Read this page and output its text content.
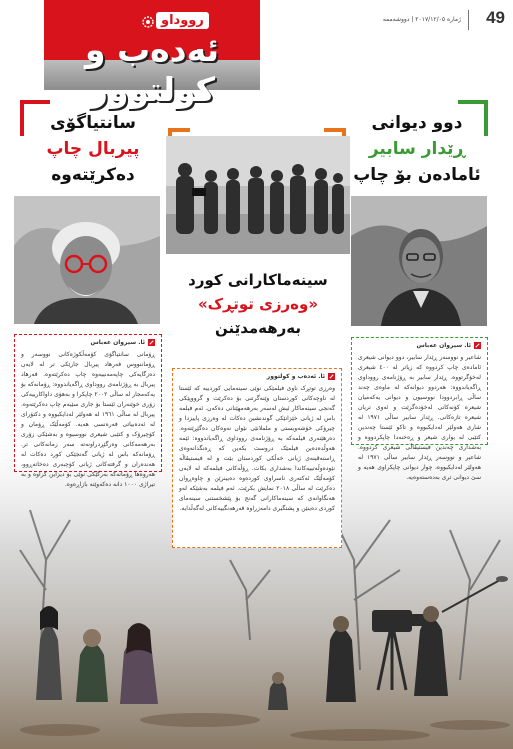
49
ژمارە ٢٠١٧/١٢/٠٥ | دووشەممە
رووداو
ئەدەب و کولتوور
دوو دیوانی
ڕێدار سابیر
ئامادەن بۆ چاپ
ئا. سیروان عەباس
شاعیر و نووسەر ڕێدار سابیر، دوو دیوانی شیعری ئامادەی چاپ کردووە کە زیاتر لە ٤٠٠ شیعری لەخۆگرتووە. ڕێدار سابیر بە ڕۆژنامەی رووداوی ڕاگەیاندووە: هەردوو دیوانەکە لە ماوەی چەند ساڵی ڕابردوودا نووسیون و دیوانی یەکەمیان شیعرە کۆنەکانی لەخۆدەگرێت و ئەوی تریان شیعرە تازەکانی. ڕێدار سابیر ساڵی ١٩٧١ لە شاری هەولێر لەدایکبووە و تاکو ئێستا چەندین کتێبی لە بواری شیعر و ڕەخنەدا چاپکردووە و بەشداری چەندین فیستیڤاڵی شیعری کردووە. شاعیر و نووسەر ڕێدار سابیر ساڵی ١٩٧١ لە هەولێر لەدایکبووە، چوار دیوانی چاپکراوی هەیە و سێ دیوانی تری بەدەستەوەیە.
سانتیاگۆی
پیربال چاپ
دەکرێتەوە
ئا. سیروان عەباس
ڕۆمانی سانتیاگۆی کۆمەڵکوژەکانی نووسەر و ڕۆماننووس فەرهاد پیربال جارێکی تر لە لایەن دەزگایەکی چاپەمەنییەوە چاپ دەکرێتەوە. فەرهاد پیربال بە ڕۆژنامەی رووداوی ڕاگەیاندووە: ڕۆمانەکە بۆ یەکەمجار لە ساڵی ٢٠٠٢ چاپکرا و بەهۆی داواکارییەکی زۆری خوێنەران ئێستا بۆ جاری سێیەم چاپ دەکرێتەوە. پیربال لە ساڵی ١٩٦١ لە هەولێر لەدایکبووە و دکتۆرای لە ئەدەبیاتی فەرەنسی هەیە. کۆمەڵێک ڕۆمان و کۆچیرۆک و کتێبی شیعری نووسیوە و بەشێکی زۆری بەرهەمەکانی وەرگێڕدراونەتە سەر زمانەکانی تر. ڕۆمانەکە باس لە ژیانی گەنجێکی کورد دەکات لە هەندەران و گرفتەکانی ژیانی کۆچبەری دەخاتەڕوو، هەروەها ڕۆمانەکە بەرگێکی نوێی بۆ دیزاین کراوە و بە تیراژی ١٠٠٠ دانە دەکەوێتە بازاڕەوە.
سینەماکارانی کورد
«وەرزی توتڕک»
بەرهەمدێنن
ئا. ئەدەب و کولتوور
وەرزی توتڕک ناوی فیلمێکی نوێی سینەمایی کوردییە کە ئێستا لە ناوچەکانی کوردستان وێنەگرتنی بۆ دەکرێت و گرووپێکی گەنجی سینەماکار ئیش لەسەر بەرهەمهێنانی دەکەن. ئەم فیلمە باس لە ژیانی خێزانێکی گوندنشین دەکات لە وەرزی پاییزدا و چیرۆکی خۆشەویستی و ململانێی نێوان نەوەکان دەگێڕێتەوە. دەرهێنەری فیلمەکە بە ڕۆژنامەی رووداوی ڕاگەیاندووە: ئێمە هەوڵدەدەین فیلمێک دروست بکەین کە ڕەنگدانەوەی ڕاستەقینەی ژیانی خەڵکی کوردستان بێت و لە فیستیڤاڵە نێودەوڵەتییەکاندا بەشداری بکات. ڕۆڵەکانی فیلمەکە لە لایەن کۆمەڵێک ئەکتەری ناسراوی کوردەوە دەبینرێن و چاوەڕوان دەکرێت لە ساڵی ٢٠١٨ نمایش بکرێت. ئەم فیلمە بەشێکە لەو هەنگاوانەی کە سینەماکارانی گەنج بۆ پێشخستنی سینەمای کوردی دەینێن و پشتگیری دامەزراوە فەرهەنگییەکانی لەگەڵدایە.
